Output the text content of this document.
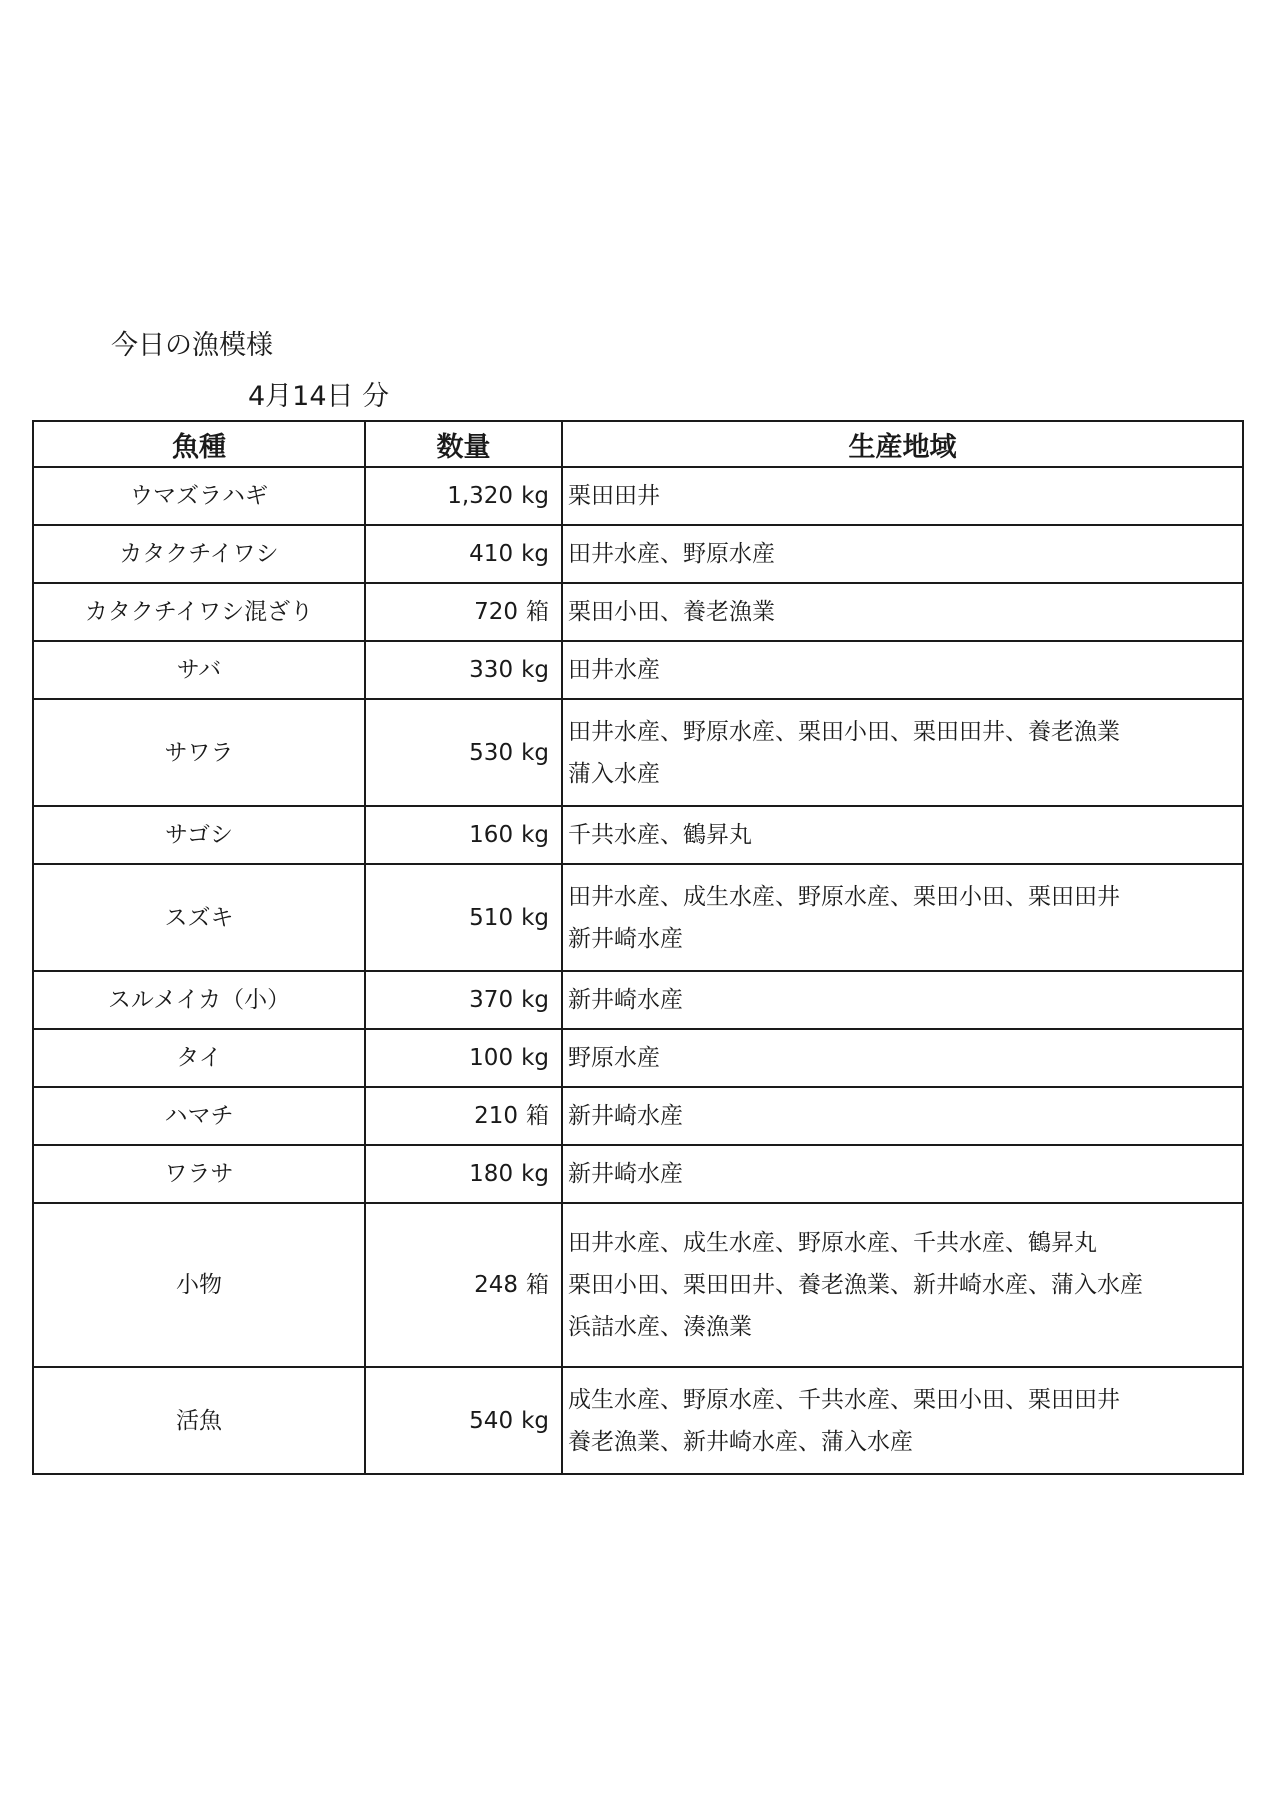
今日の漁模様
4月14日 分
魚種	数量	生産地域
ウマズラハギ	1,320 kg	栗田田井

カタクチイワシ	410 kg	田井水産、野原水産

カタクチイワシ混ざり	720 箱	栗田小田、養老漁業

サバ	330 kg	田井水産

サワラ	530 kg	田井水産、野原水産、栗田小田、栗田田井、養老漁業
蒲入水産

サゴシ	160 kg	千共水産、鶴昇丸

スズキ	510 kg	田井水産、成生水産、野原水産、栗田小田、栗田田井
新井崎水産

スルメイカ（小）	370 kg	新井崎水産

タイ	100 kg	野原水産

ハマチ	210 箱	新井崎水産

ワラサ	180 kg	新井崎水産

小物	248 箱	田井水産、成生水産、野原水産、千共水産、鶴昇丸
栗田小田、栗田田井、養老漁業、新井崎水産、蒲入水産
浜詰水産、湊漁業

活魚	540 kg	成生水産、野原水産、千共水産、栗田小田、栗田田井
養老漁業、新井崎水産、蒲入水産
